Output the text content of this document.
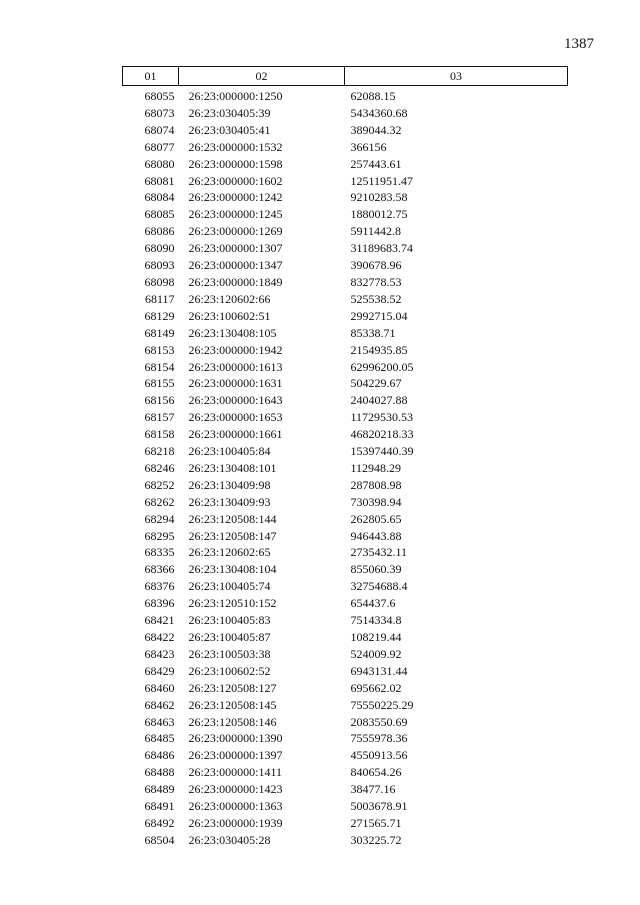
1387
01	02	03
68055	26:23:000000:1250	62088.15
68073	26:23:030405:39	5434360.68
68074	26:23:030405:41	389044.32
68077	26:23:000000:1532	366156
68080	26:23:000000:1598	257443.61
68081	26:23:000000:1602	12511951.47
68084	26:23:000000:1242	9210283.58
68085	26:23:000000:1245	1880012.75
68086	26:23:000000:1269	5911442.8
68090	26:23:000000:1307	31189683.74
68093	26:23:000000:1347	390678.96
68098	26:23:000000:1849	832778.53
68117	26:23:120602:66	525538.52
68129	26:23:100602:51	2992715.04
68149	26:23:130408:105	85338.71
68153	26:23:000000:1942	2154935.85
68154	26:23:000000:1613	62996200.05
68155	26:23:000000:1631	504229.67
68156	26:23:000000:1643	2404027.88
68157	26:23:000000:1653	11729530.53
68158	26:23:000000:1661	46820218.33
68218	26:23:100405:84	15397440.39
68246	26:23:130408:101	112948.29
68252	26:23:130409:98	287808.98
68262	26:23:130409:93	730398.94
68294	26:23:120508:144	262805.65
68295	26:23:120508:147	946443.88
68335	26:23:120602:65	2735432.11
68366	26:23:130408:104	855060.39
68376	26:23:100405:74	32754688.4
68396	26:23:120510:152	654437.6
68421	26:23:100405:83	7514334.8
68422	26:23:100405:87	108219.44
68423	26:23:100503:38	524009.92
68429	26:23:100602:52	6943131.44
68460	26:23:120508:127	695662.02
68462	26:23:120508:145	75550225.29
68463	26:23:120508:146	2083550.69
68485	26:23:000000:1390	7555978.36
68486	26:23:000000:1397	4550913.56
68488	26:23:000000:1411	840654.26
68489	26:23:000000:1423	38477.16
68491	26:23:000000:1363	5003678.91
68492	26:23:000000:1939	271565.71
68504	26:23:030405:28	303225.72
